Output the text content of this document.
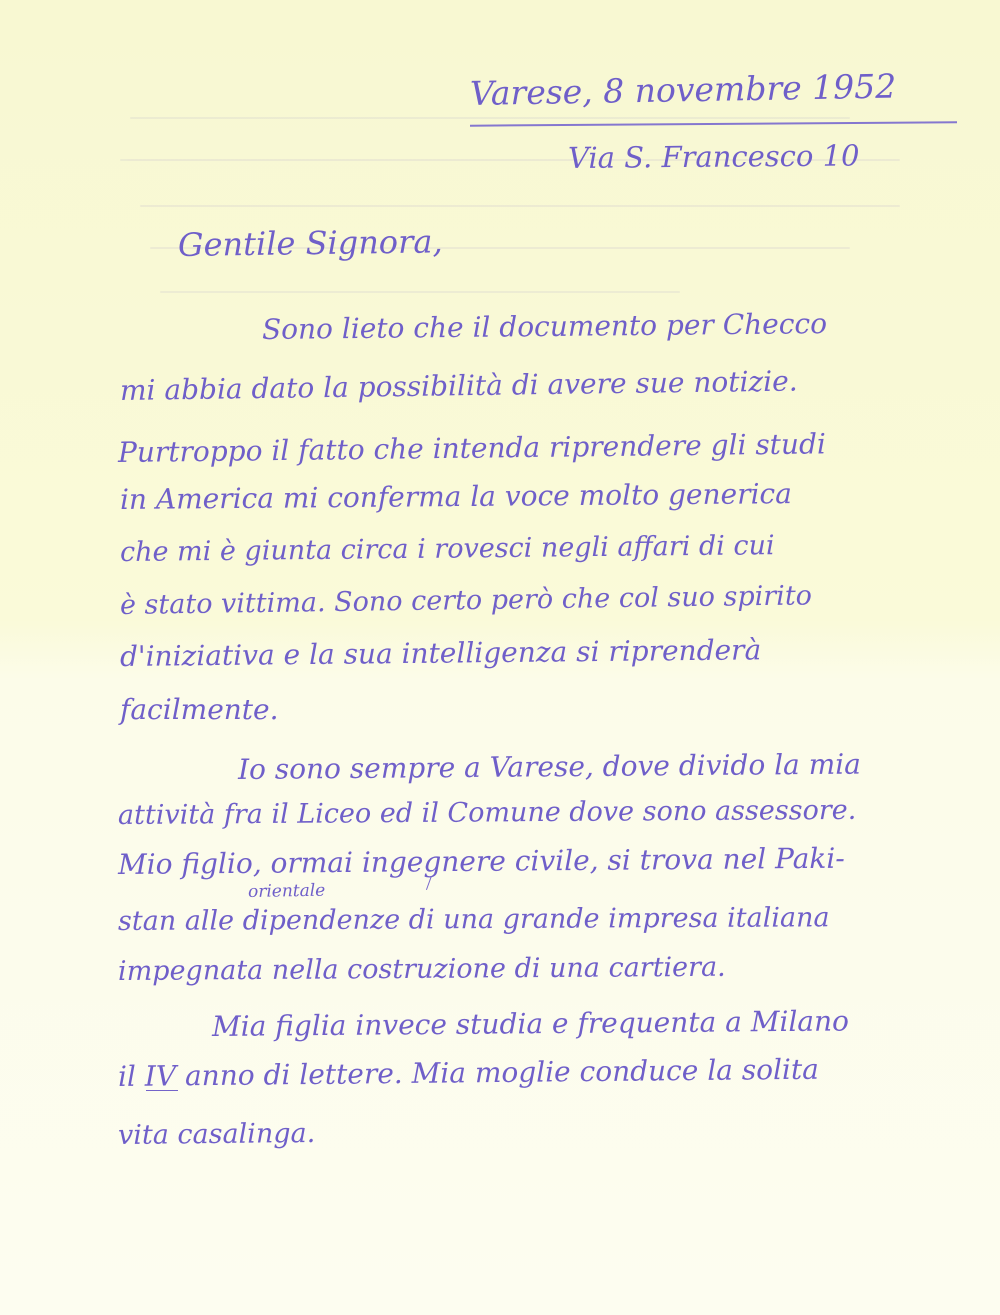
Varese, 8 novembre 1952
Via S. Francesco 10
Gentile Signora,
Sono lieto che il documento per Checco
mi abbia dato la possibilità di avere sue notizie.
Purtroppo il fatto che intenda riprendere gli studi
in America mi conferma la voce molto generica
che mi è giunta circa i rovesci negli affari di cui
è stato vittima. Sono certo però che col suo spirito
d'iniziativa e la sua intelligenza si riprenderà
facilmente.
Io sono sempre a Varese, dove divido la mia
attività fra il Liceo ed il Comune dove sono assessore.
Mio figlio, ormai ingegnere civile, si trova nel Paki-
orientale
stan alle dipendenze di una grande impresa italiana
impegnata nella costruzione di una cartiera.
Mia figlia invece studia e frequenta a Milano
il IV anno di lettere. Mia moglie conduce la solita
vita casalinga.
